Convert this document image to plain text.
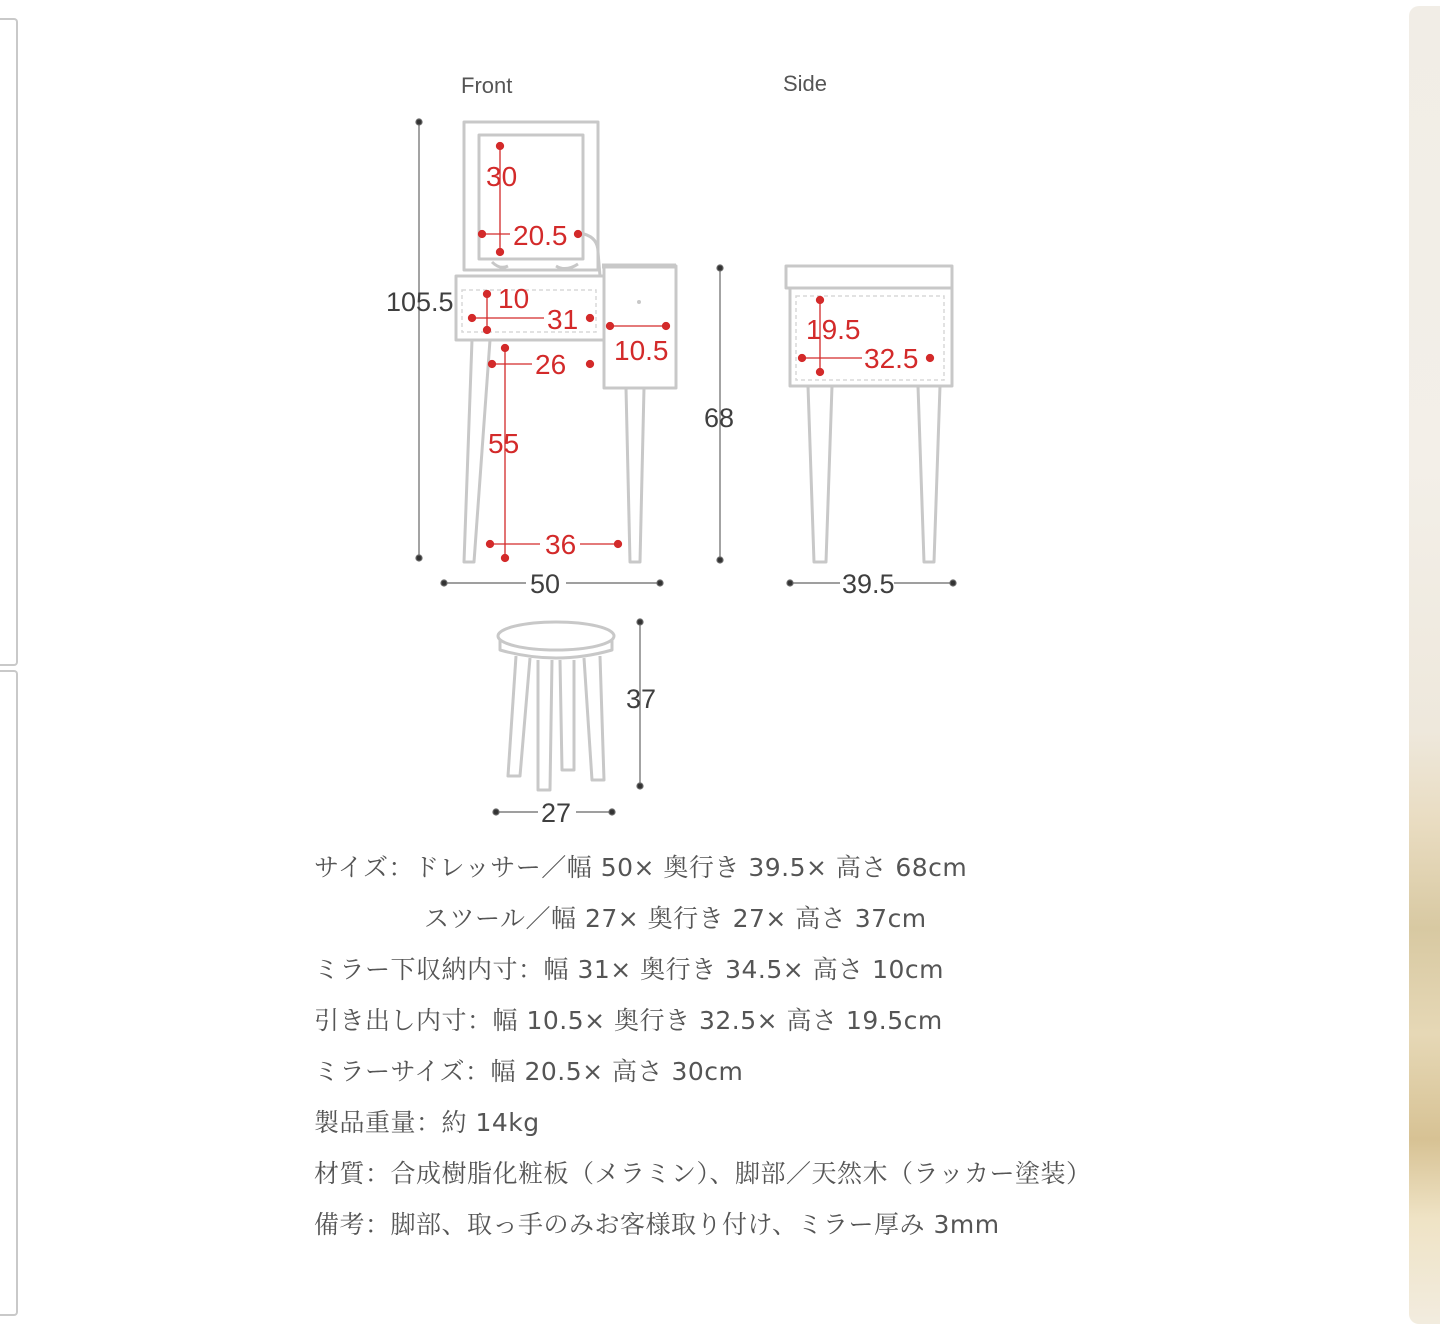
Front	Side
105.5
68
50	39.5
37
27
30
20.5
10
31
10.5
26
55
36
19.5
32.5
サイズ：ドレッサー／幅 50× 奥行き 39.5× 高さ 68cm
スツール／幅 27× 奥行き 27× 高さ 37cm
ミラー下収納内寸：幅 31× 奥行き 34.5× 高さ 10cm
引き出し内寸：幅 10.5× 奥行き 32.5× 高さ 19.5cm
ミラーサイズ：幅 20.5× 高さ 30cm
製品重量：約 14kg
材質：合成樹脂化粧板（メラミン）、脚部／天然木（ラッカー塗装）
備考：脚部、取っ手のみお客様取り付け、ミラー厚み 3mm
